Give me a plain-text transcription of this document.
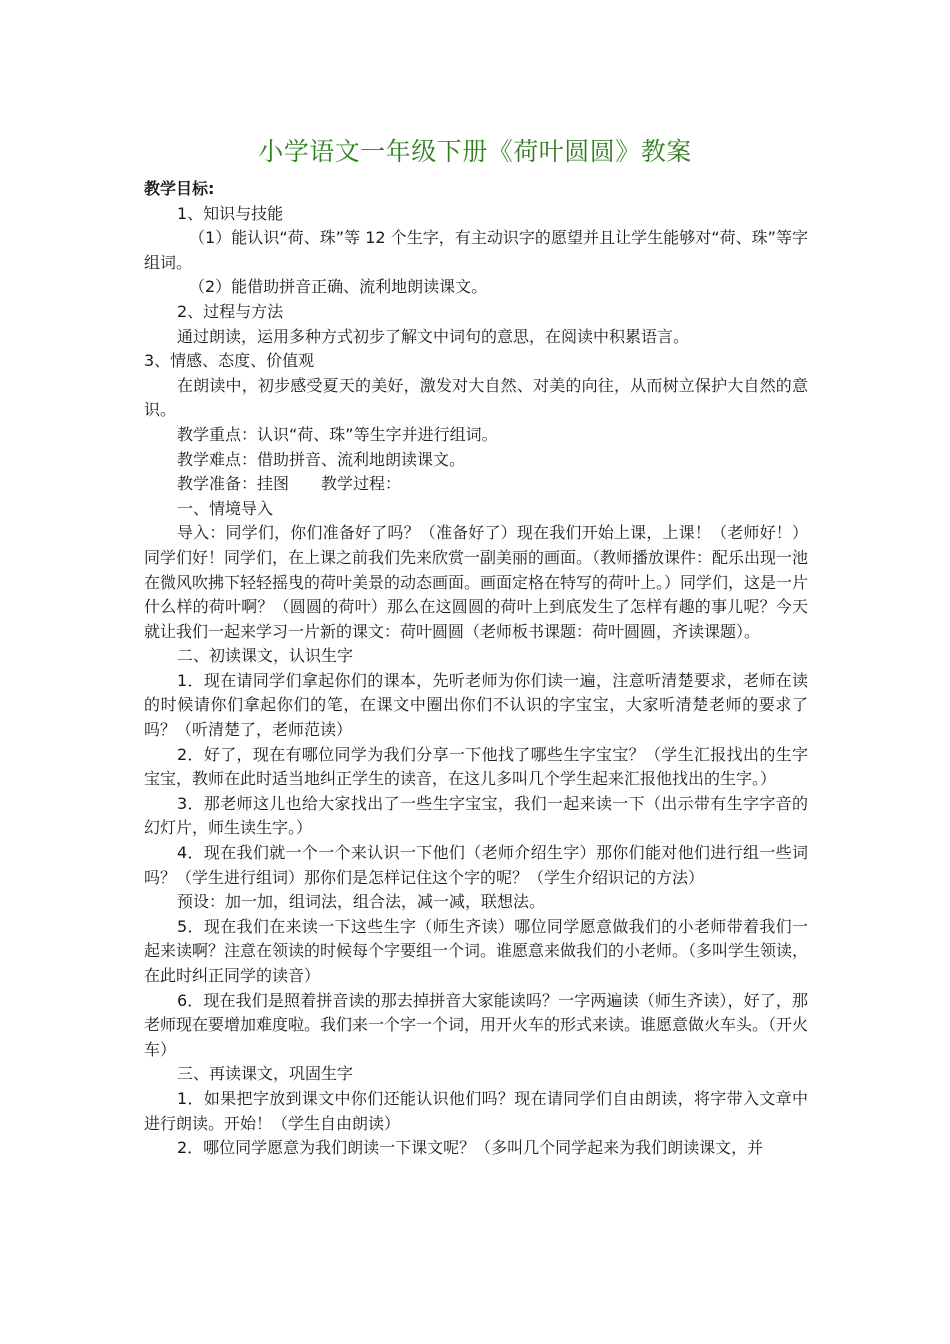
小学语文一年级下册《荷叶圆圆》教案

教学目标:

1、知识与技能

（1）能认识“荷、珠”等 12 个生字，有主动识字的愿望并且让学生能够对“荷、珠”等字组词。

（2）能借助拼音正确、流利地朗读课文。

2、过程与方法

通过朗读，运用多种方式初步了解文中词句的意思，在阅读中积累语言。

3、情感、态度、价值观

在朗读中，初步感受夏天的美好，激发对大自然、对美的向往，从而树立保护大自然的意识。

教学重点：认识“荷、珠”等生字并进行组词。

教学难点：借助拼音、流利地朗读课文。

教学准备：挂图　　教学过程：

一、情境导入

导入：同学们，你们准备好了吗？（准备好了）现在我们开始上课，上课！（老师好！）同学们好！同学们，在上课之前我们先来欣赏一副美丽的画面。（教师播放课件：配乐出现一池在微风吹拂下轻轻摇曳的荷叶美景的动态画面。画面定格在特写的荷叶上。）同学们，这是一片什么样的荷叶啊？（圆圆的荷叶）那么在这圆圆的荷叶上到底发生了怎样有趣的事儿呢？今天就让我们一起来学习一片新的课文：荷叶圆圆（老师板书课题：荷叶圆圆，齐读课题）。

二、初读课文，认识生字

1．现在请同学们拿起你们的课本，先听老师为你们读一遍，注意听清楚要求，老师在读的时候请你们拿起你们的笔，在课文中圈出你们不认识的字宝宝，大家听清楚老师的要求了吗？（听清楚了，老师范读）

2．好了，现在有哪位同学为我们分享一下他找了哪些生字宝宝？（学生汇报找出的生字宝宝，教师在此时适当地纠正学生的读音，在这儿多叫几个学生起来汇报他找出的生字。）

3．那老师这儿也给大家找出了一些生字宝宝，我们一起来读一下（出示带有生字字音的幻灯片，师生读生字。）

4．现在我们就一个一个来认识一下他们（老师介绍生字）那你们能对他们进行组一些词吗？（学生进行组词）那你们是怎样记住这个字的呢？（学生介绍识记的方法）

预设：加一加，组词法，组合法，减一减，联想法。

5．现在我们在来读一下这些生字（师生齐读）哪位同学愿意做我们的小老师带着我们一起来读啊？注意在领读的时候每个字要组一个词。谁愿意来做我们的小老师。（多叫学生领读，在此时纠正同学的读音）

6．现在我们是照着拼音读的那去掉拼音大家能读吗？一字两遍读（师生齐读），好了，那老师现在要增加难度啦。我们来一个字一个词，用开火车的形式来读。谁愿意做火车头。（开火车）

三、再读课文，巩固生字

1．如果把字放到课文中你们还能认识他们吗？现在请同学们自由朗读，将字带入文章中进行朗读。开始！（学生自由朗读）

2．哪位同学愿意为我们朗读一下课文呢？（多叫几个同学起来为我们朗读课文，并
